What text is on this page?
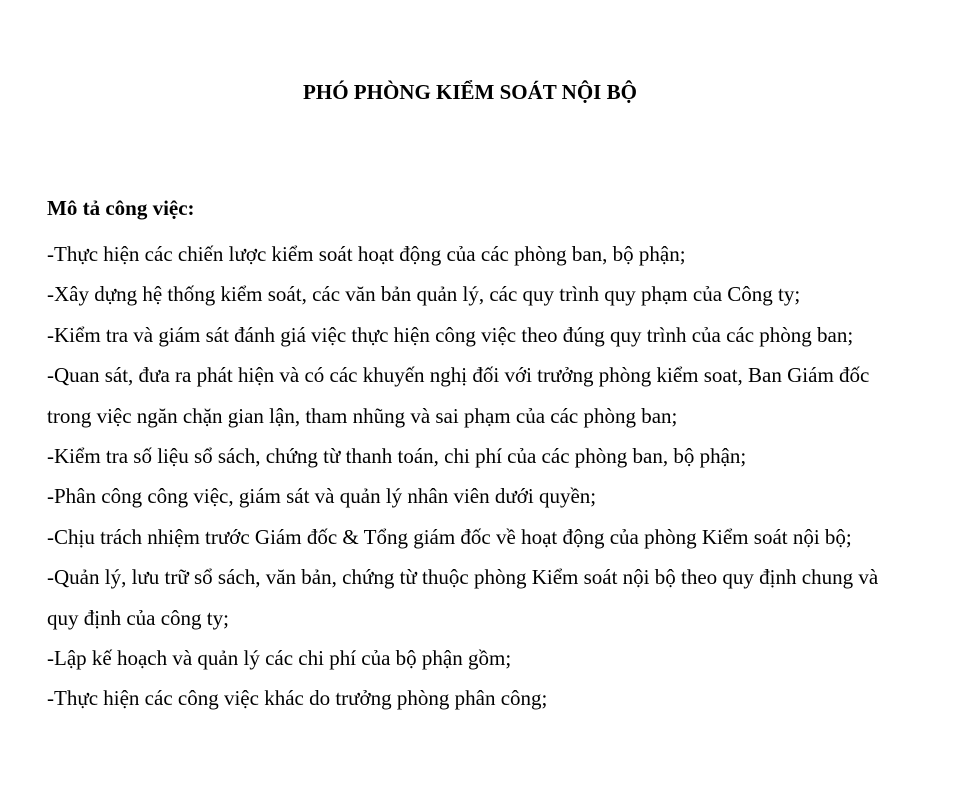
PHÓ PHÒNG KIỂM SOÁT NỘI BỘ

Mô tả công việc:

-Thực hiện các chiến lược kiểm soát hoạt động của các phòng ban, bộ phận;
-Xây dựng hệ thống kiểm soát, các văn bản quản lý, các quy trình quy phạm của Công ty;
-Kiểm tra và giám sát đánh giá việc thực hiện công việc theo đúng quy trình của các phòng ban;
-Quan sát, đưa ra phát hiện và có các khuyến nghị đối với trưởng phòng kiểm soat, Ban Giám đốc trong việc ngăn chặn gian lận, tham nhũng và sai phạm của các phòng ban;
-Kiểm tra số liệu sổ sách, chứng từ thanh toán, chi phí của các phòng ban, bộ phận;
-Phân công công việc, giám sát và quản lý nhân viên dưới quyền;
-Chịu trách nhiệm trước Giám đốc & Tổng giám đốc về hoạt động của phòng Kiểm soát nội bộ;
-Quản lý, lưu trữ sổ sách, văn bản, chứng từ thuộc phòng Kiểm soát nội bộ theo quy định chung và quy định của công ty;
-Lập kế hoạch và quản lý các chi phí của bộ phận gồm;
-Thực hiện các công việc khác do trưởng phòng phân công;
